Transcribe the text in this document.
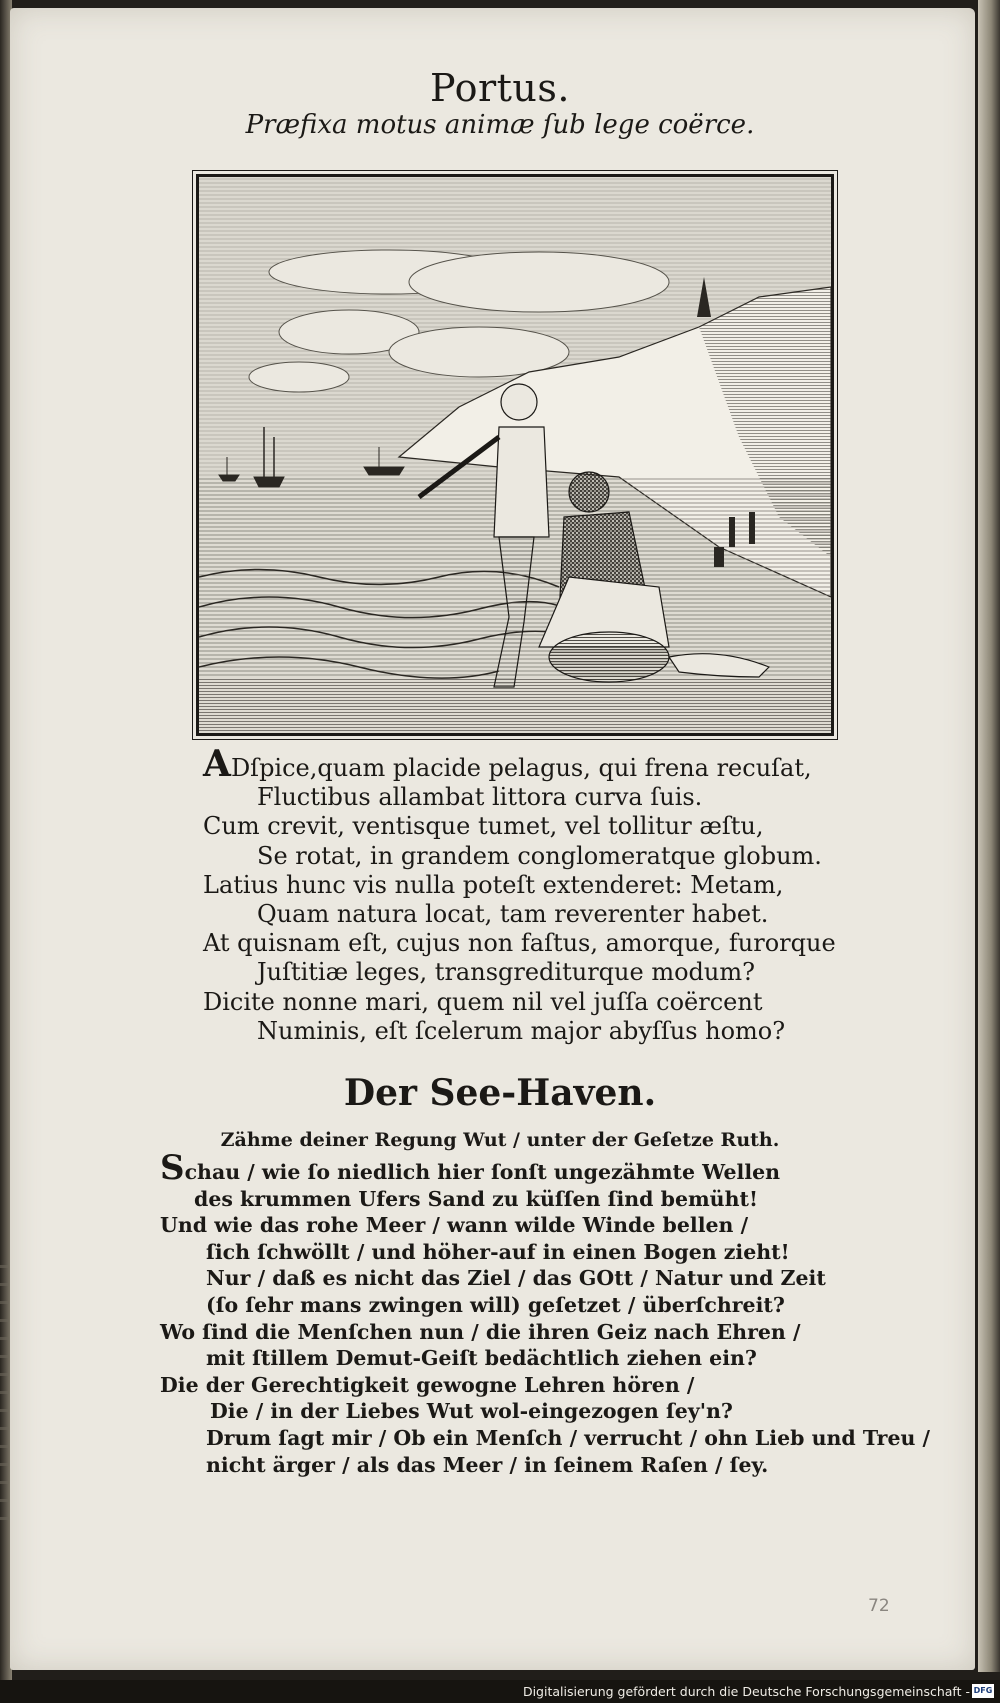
Portus.
Præfixa motus animæ ſub lege coërce.
ADſpice,quam placide pelagus, qui frena recuſat,
Fluctibus allambat littora curva ſuis.
Cum crevit, ventisque tumet, vel tollitur æſtu,
Se rotat, in grandem conglomeratque globum.
Latius hunc vis nulla poteſt extenderet: Metam,
Quam natura locat, tam reverenter habet.
At quisnam eſt, cujus non faſtus, amorque, furorque
Juſtitiæ leges, transgrediturque modum?
Dicite nonne mari, quem nil vel juſſa coërcent
Numinis, eſt ſcelerum major abyſſus homo?
Der See-Haven.
Zähme deiner Regung Wut / unter der Geſetze Ruth.
Schau / wie ſo niedlich hier ſonſt ungezähmte Wellen
des krummen Ufers Sand zu küſſen ſind bemüht!
Und wie das rohe Meer / wann wilde Winde bellen /
ſich ſchwöllt / und höher-auf in einen Bogen zieht!
Nur / daß es nicht das Ziel / das GOtt / Natur und Zeit
(ſo ſehr mans zwingen will) geſetzet / überſchreit?
Wo ſind die Menſchen nun / die ihren Geiz nach Ehren /
mit ſtillem Demut-Geiſt bedächtlich ziehen ein?
Die der Gerechtigkeit gewogne Lehren hören /
Die / in der Liebes Wut wol-eingezogen ſey'n?
Drum ſagt mir / Ob ein Menſch / verrucht / ohn Lieb und Treu /
nicht ärger / als das Meer / in ſeinem Raſen / ſey.
72
Digitalisierung gefördert durch die Deutsche Forschungsgemeinschaft - DFG
